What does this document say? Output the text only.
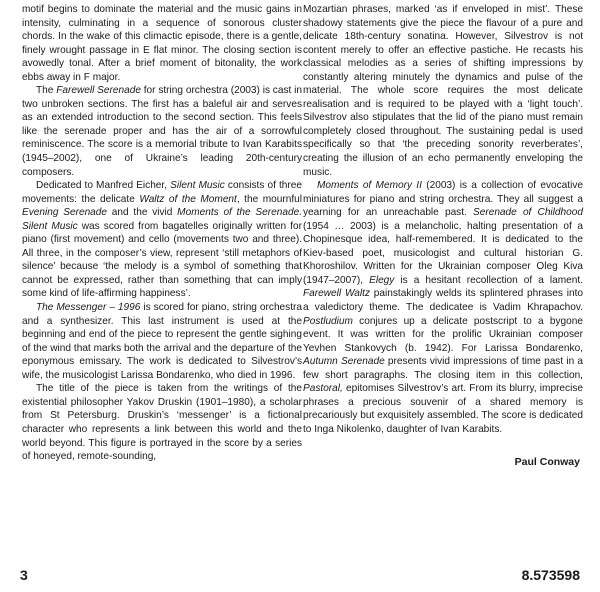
motif begins to dominate the material and the music gains in intensity, culminating in a sequence of sonorous cluster chords. In the wake of this climactic episode, there is a gentle, finely wrought passage in E flat minor. The closing section is avowedly tonal. After a brief moment of bitonality, the work ebbs away in F major.

The Farewell Serenade for string orchestra (2003) is cast in two unbroken sections. The first has a baleful air and serves as an extended introduction to the second section. This feels like the serenade proper and has the air of a sorrowful reminiscence. The score is a memorial tribute to Ivan Karabits (1945–2002), one of Ukraine’s leading 20th-century composers.

Dedicated to Manfred Eicher, Silent Music consists of three movements: the delicate Waltz of the Moment, the mournful Evening Serenade and the vivid Moments of the Serenade. Silent Music was scored from bagatelles originally written for piano (first movement) and cello (movements two and three). All three, in the composer’s view, represent ‘still metaphors of silence’ because ‘the melody is a symbol of something that cannot be expressed, rather than something that can imply some kind of life-affirming happiness’.

The Messenger – 1996 is scored for piano, string orchestra and a synthesizer. This last instrument is used at the beginning and end of the piece to represent the gentle sighing of the wind that marks both the arrival and the departure of the eponymous emissary. The work is dedicated to Silvestrov’s wife, the musicologist Larissa Bondarenko, who died in 1996.

The title of the piece is taken from the writings of the existential philosopher Yakov Druskin (1901–1980), a scholar from St Petersburg. Druskin’s ‘messenger’ is a fictional character who represents a link between this world and the world beyond. This figure is portrayed in the score by a series of honeyed, remote-sounding,

Mozartian phrases, marked ‘as if enveloped in mist’. These shadowy statements give the piece the flavour of a pure and delicate 18th-century sonatina. However, Silvestrov is not content merely to offer an effective pastiche. He recasts his classical melodies as a series of shifting impressions by constantly altering minutely the dynamics and pulse of the material. The whole score requires the most delicate realisation and is required to be played with a ‘light touch’. Silvestrov also stipulates that the lid of the piano must remain completely closed throughout. The sustaining pedal is used specifically so that ‘the preceding sonority reverberates’, creating the illusion of an echo permanently enveloping the music.

Moments of Memory II (2003) is a collection of evocative miniatures for piano and string orchestra. They all suggest a yearning for an unreachable past. Serenade of Childhood (1954 … 2003) is a melancholic, halting presentation of a Chopinesque idea, half-remembered. It is dedicated to the Kiev-based poet, musicologist and cultural historian G. Khoroshilov. Written for the Ukrainian composer Oleg Kiva (1947–2007), Elegy is a hesitant recollection of a lament. Farewell Waltz painstakingly welds its splintered phrases into a valedictory theme. The dedicatee is Vadim Khrapachov. Postludium conjures up a delicate postscript to a bygone event. It was written for the prolific Ukrainian composer Yevhen Stankovych (b. 1942). For Larissa Bondarenko, Autumn Serenade presents vivid impressions of time past in a few short paragraphs. The closing item in this collection, Pastoral, epitomises Silvestrov’s art. From its blurry, imprecise phrases a precious souvenir of a shared memory is precariously but exquisitely assembled. The score is dedicated to Inga Nikolenko, daughter of Ivan Karabits.

Paul Conway
3	8.573598
